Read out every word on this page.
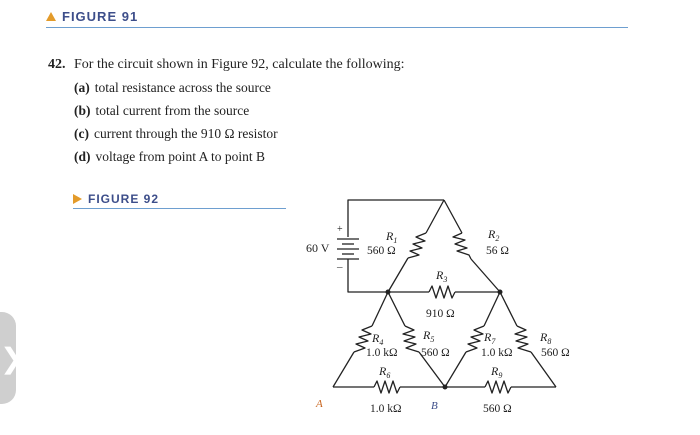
FIGURE 91
42. For the circuit shown in Figure 92, calculate the following:
(a) total resistance across the source
(b) total current from the source
(c) current through the 910 Ω resistor
(d) voltage from point A to point B
FIGURE 92
❯
+
–
60 V
$R_1$
560 Ω
$R_2$
56 Ω
$R_3$
910 Ω
$R_4$
1.0 kΩ
$R_5$
560 Ω
$R_6$
1.0 kΩ
$R_7$
1.0 kΩ
$R_8$
560 Ω
$R_9$
560 Ω
A	B
